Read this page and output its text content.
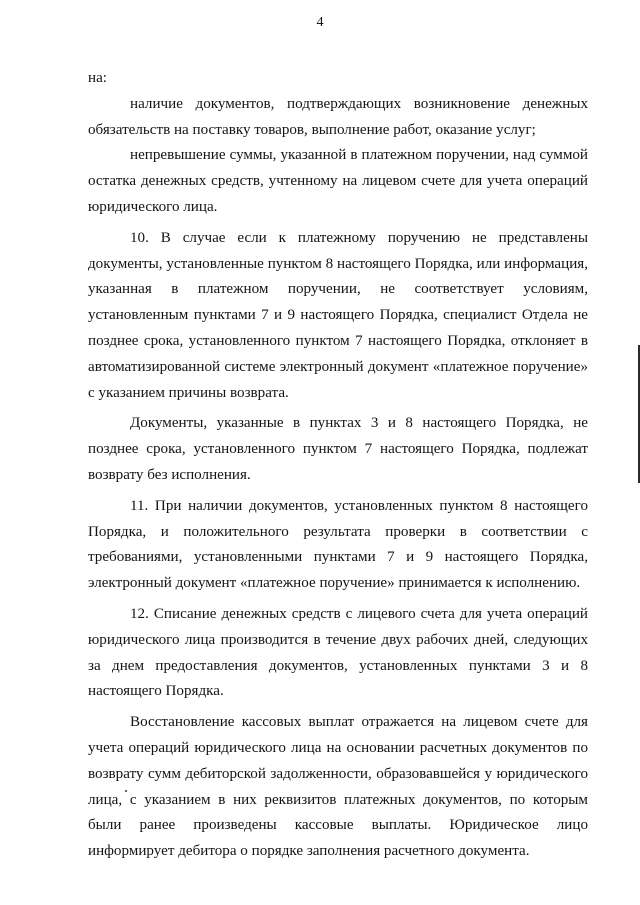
4

на:

наличие документов, подтверждающих возникновение денежных обязательств на поставку товаров, выполнение работ, оказание услуг;

непревышение суммы, указанной в платежном поручении, над суммой остатка денежных средств, учтенному на лицевом счете для учета операций юридического лица.

10. В случае если к платежному поручению не представлены документы, установленные пунктом 8 настоящего Порядка, или информация, указанная в платежном поручении, не соответствует условиям, установленным пунктами 7 и 9 настоящего Порядка, специалист Отдела не позднее срока, установленного пунктом 7 настоящего Порядка, отклоняет в автоматизированной системе электронный документ «платежное поручение» с указанием причины возврата.

Документы, указанные в пунктах 3 и 8 настоящего Порядка, не позднее срока, установленного пунктом 7 настоящего Порядка, подлежат возврату без исполнения.

11. При наличии документов, установленных пунктом 8 настоящего Порядка, и положительного результата проверки в соответствии с требованиями, установленными пунктами 7 и 9 настоящего Порядка, электронный документ «платежное поручение» принимается к исполнению.

12. Списание денежных средств с лицевого счета для учета операций юридического лица производится в течение двух рабочих дней, следующих за днем предоставления документов, установленных пунктами 3 и 8 настоящего Порядка.

Восстановление кассовых выплат отражается на лицевом счете для учета операций юридического лица на основании расчетных документов по возврату сумм дебиторской задолженности, образовавшейся у юридического лица, с указанием в них реквизитов платежных документов, по которым были ранее произведены кассовые выплаты. Юридическое лицо информирует дебитора о порядке заполнения расчетного документа.
